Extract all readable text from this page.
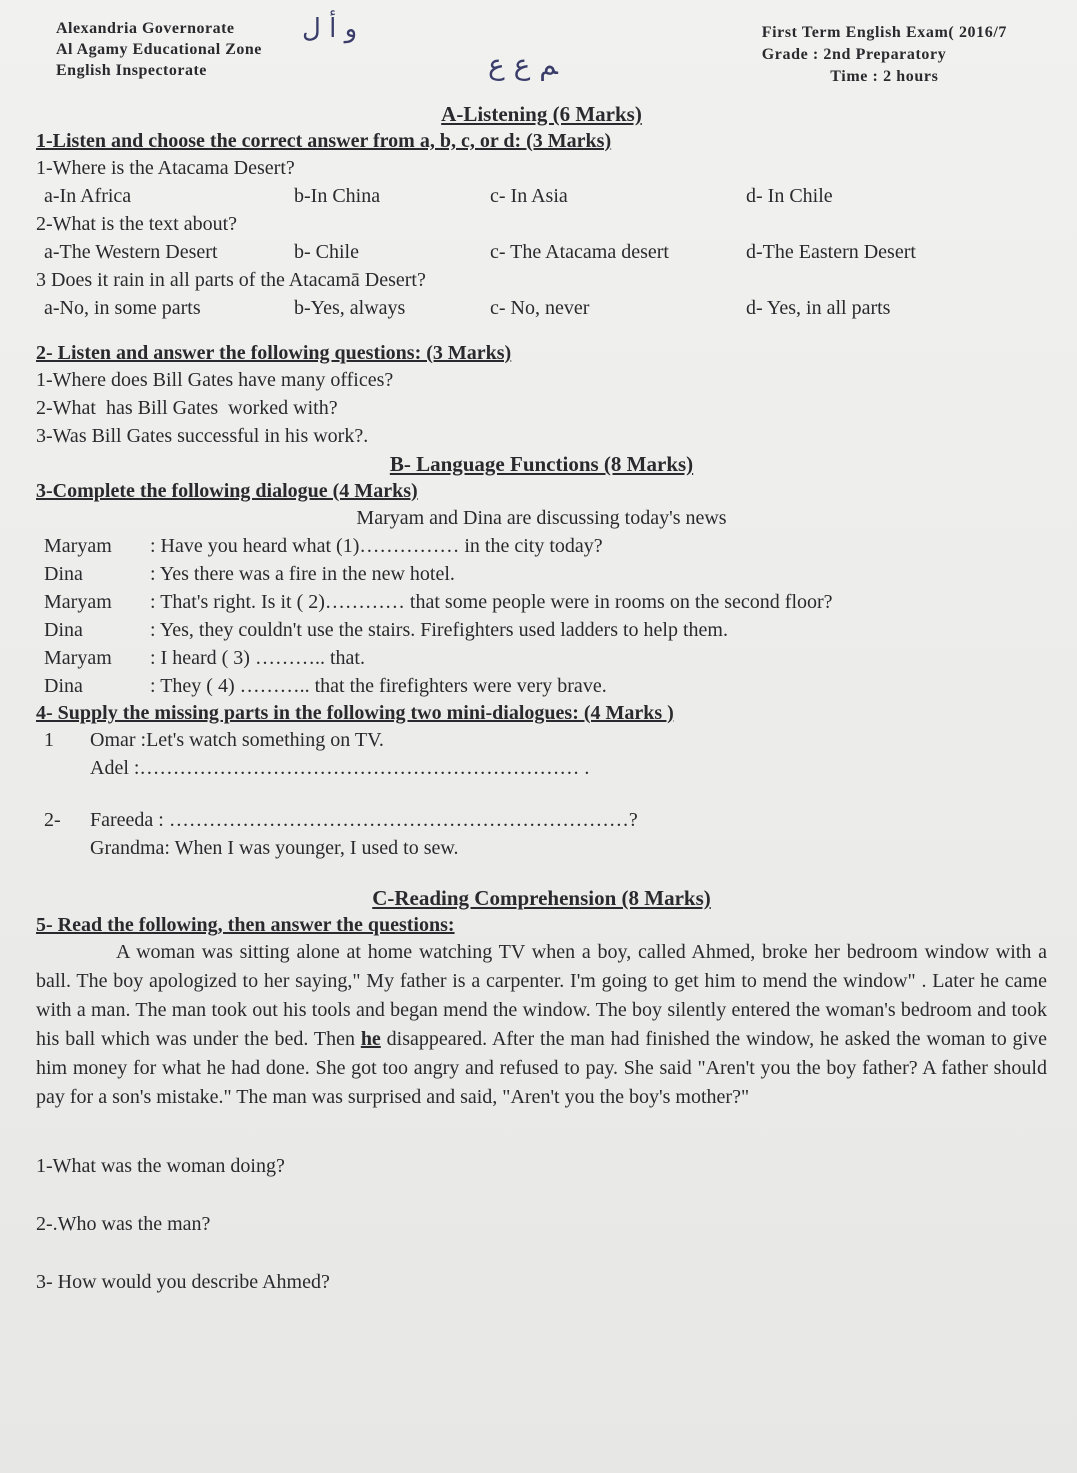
Alexandria Governorate
Al Agamy Educational Zone
English Inspectorate
ﻭ ﺃ ﻝ
ﻢ ﻉ ﻉ
First Term English Exam( 2016/7
Grade : 2nd Preparatory
Time : 2 hours
A-Listening (6 Marks)
1-Listen and choose the correct answer from a, b, c, or d: (3 Marks)
1-Where is the Atacama Desert?
a-In Africa	b-In China	c- In Asia	d- In Chile
2-What is the text about?
a-The Western Desert	b- Chile	c- The Atacama desert	d-The Eastern Desert
3 Does it rain in all parts of the Atacamā Desert?
a-No, in some parts	b-Yes, always	c- No, never	d- Yes, in all parts
2- Listen and answer the following questions: (3 Marks)
1-Where does Bill Gates have many offices?
2-What  has Bill Gates  worked with?
3-Was Bill Gates successful in his work?.
B- Language Functions (8 Marks)
3-Complete the following dialogue (4 Marks)
Maryam and Dina are discussing today's news
Maryam	: Have you heard what (1)…………… in the city today?
Dina	: Yes there was a fire in the new hotel.
Maryam	: That's right. Is it ( 2)………… that some people were in rooms on the second floor?
Dina	: Yes, they couldn't use the stairs. Firefighters used ladders to help them.
Maryam	: I heard ( 3) ……….. that.
Dina	: They ( 4) ……….. that the firefighters were very brave.
4- Supply the missing parts in the following two mini-dialogues: (4 Marks )
1	Omar :Let's watch something on TV.
Adel :………………………………………………………… .
2-	Fareeda : ……………………………………………………………?
Grandma: When I was younger, I used to sew.
C-Reading Comprehension (8 Marks)
5- Read the following, then answer the questions:

A woman was sitting alone at home watching TV when a boy, called Ahmed, broke her bedroom window with a ball. The boy apologized to her saying," My father is a carpenter. I'm going to get him to mend the window" . Later he came with a man. The man took out his tools and began mend the window. The boy silently entered the woman's bedroom and took his ball which was under the bed. Then he disappeared. After the man had finished the window, he asked the woman to give him money for what he had done. She got too angry and refused to pay. She said "Aren't you the boy father? A father should pay for a son's mistake." The man was surprised and said, "Aren't you the boy's mother?"

1-What was the woman doing?
2-.Who was the man?
3- How would you describe Ahmed?
